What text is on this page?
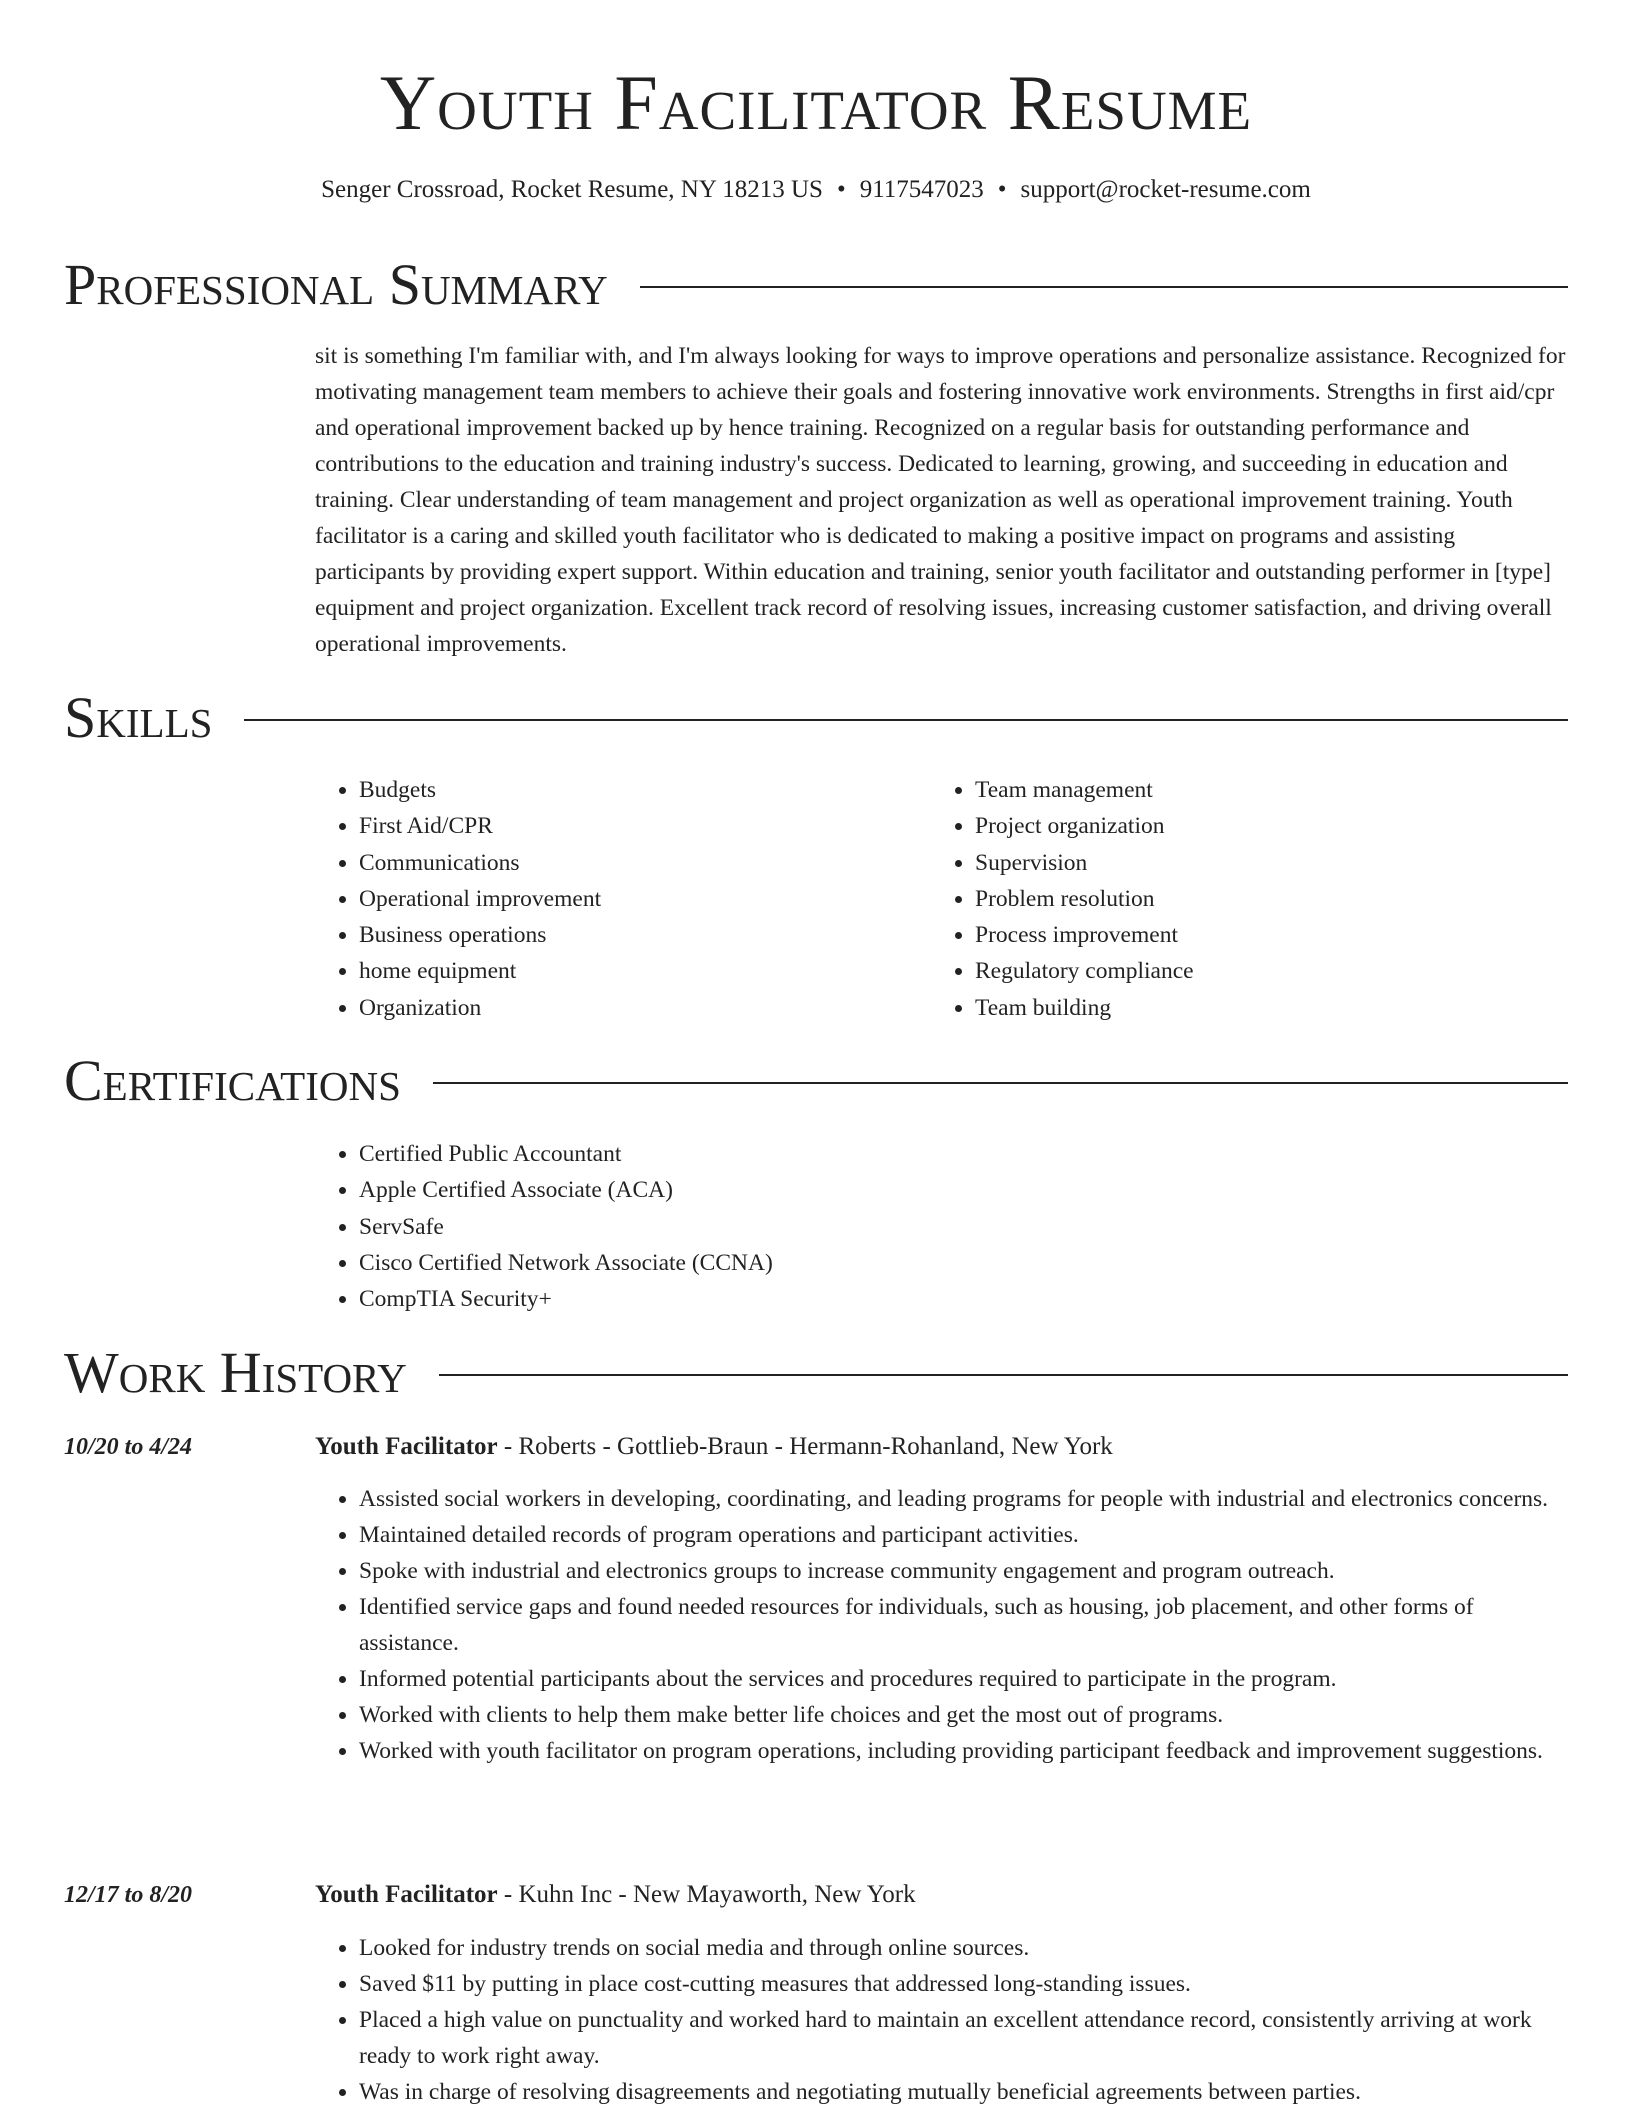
Youth Facilitator Resume
Senger Crossroad, Rocket Resume, NY 18213 US • 9117547023 • support@rocket-resume.com
Professional Summary

sit is something I'm familiar with, and I'm always looking for ways to improve operations and personalize assistance. Recognized for motivating management team members to achieve their goals and fostering innovative work environments. Strengths in first aid/cpr and operational improvement backed up by hence training. Recognized on a regular basis for outstanding performance and contributions to the education and training industry's success. Dedicated to learning, growing, and succeeding in education and training. Clear understanding of team management and project organization as well as operational improvement training. Youth facilitator is a caring and skilled youth facilitator who is dedicated to making a positive impact on programs and assisting participants by providing expert support. Within education and training, senior youth facilitator and outstanding performer in [type] equipment and project organization. Excellent track record of resolving issues, increasing customer satisfaction, and driving overall operational improvements.

Skills
• Budgets
• First Aid/CPR
• Communications
• Operational improvement
• Business operations
• home equipment
• Organization
• Team management
• Project organization
• Supervision
• Problem resolution
• Process improvement
• Regulatory compliance
• Team building
Certifications
• Certified Public Accountant
• Apple Certified Associate (ACA)
• ServSafe
• Cisco Certified Network Associate (CCNA)
• CompTIA Security+
Work History
10/20 to 4/24	Youth Facilitator - Roberts - Gottlieb-Braun - Hermann-Rohanland, New York
• Assisted social workers in developing, coordinating, and leading programs for people with industrial and electronics concerns.
• Maintained detailed records of program operations and participant activities.
• Spoke with industrial and electronics groups to increase community engagement and program outreach.
• Identified service gaps and found needed resources for individuals, such as housing, job placement, and other forms of assistance.
• Informed potential participants about the services and procedures required to participate in the program.
• Worked with clients to help them make better life choices and get the most out of programs.
• Worked with youth facilitator on program operations, including providing participant feedback and improvement suggestions.
12/17 to 8/20	Youth Facilitator - Kuhn Inc - New Mayaworth, New York
• Looked for industry trends on social media and through online sources.
• Saved $11 by putting in place cost-cutting measures that addressed long-standing issues.
• Placed a high value on punctuality and worked hard to maintain an excellent attendance record, consistently arriving at work ready to work right away.
• Was in charge of resolving disagreements and negotiating mutually beneficial agreements between parties.
